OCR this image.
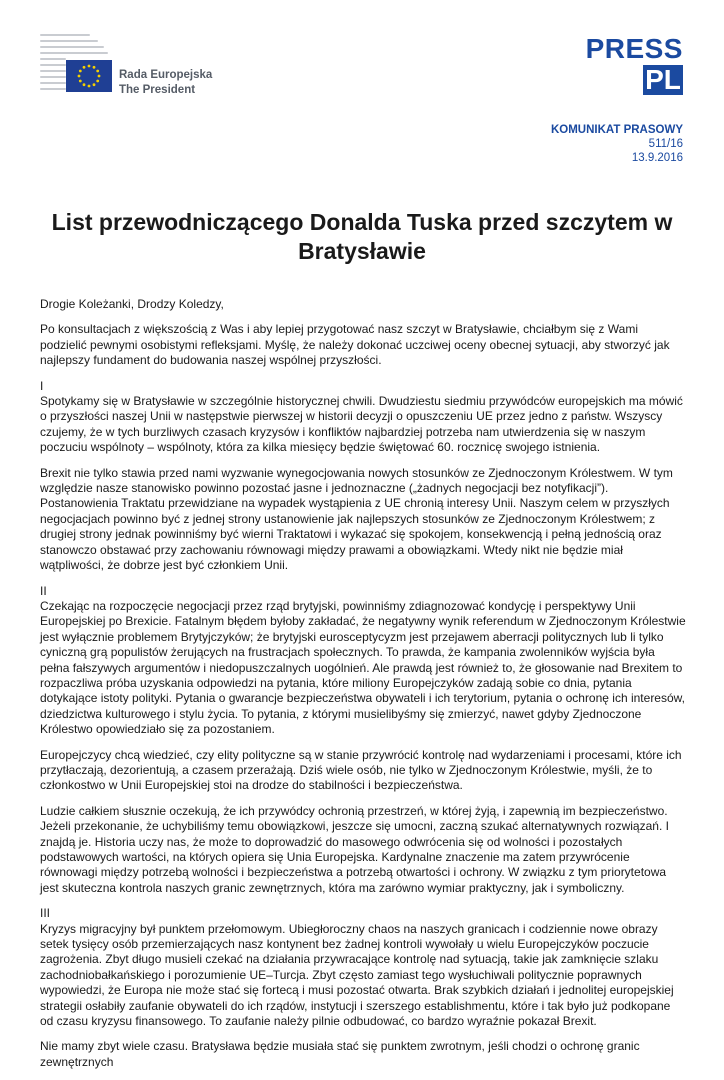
Rada Europejska
The President
PRESS
PL
KOMUNIKAT PRASOWY
511/16
13.9.2016
List przewodniczącego Donalda Tuska przed szczytem w Bratysławie

Drogie Koleżanki, Drodzy Koledzy,

Po konsultacjach z większością z Was i aby lepiej przygotować nasz szczyt w Bratysławie, chciałbym się z Wami podzielić pewnymi osobistymi refleksjami. Myślę, że należy dokonać uczciwej oceny obecnej sytuacji, aby stworzyć jak najlepszy fundament do budowania naszej wspólnej przyszłości.

I

Spotykamy się w Bratysławie w szczególnie historycznej chwili. Dwudziestu siedmiu przywódców europejskich ma mówić o przyszłości naszej Unii w następstwie pierwszej w historii decyzji o opuszczeniu UE przez jedno z państw. Wszyscy czujemy, że w tych burzliwych czasach kryzysów i konfliktów najbardziej potrzeba nam utwierdzenia się w naszym poczuciu wspólnoty – wspólnoty, która za kilka miesięcy będzie świętować 60. rocznicę swojego istnienia.

Brexit nie tylko stawia przed nami wyzwanie wynegocjowania nowych stosunków ze Zjednoczonym Królestwem. W tym względzie nasze stanowisko powinno pozostać jasne i jednoznaczne („żadnych negocjacji bez notyfikacji”). Postanowienia Traktatu przewidziane na wypadek wystąpienia z UE chronią interesy Unii. Naszym celem w przyszłych negocjacjach powinno być z jednej strony ustanowienie jak najlepszych stosunków ze Zjednoczonym Królestwem; z drugiej strony jednak powinniśmy być wierni Traktatowi i wykazać się spokojem, konsekwencją i pełną jednością oraz stanowczo obstawać przy zachowaniu równowagi między prawami a obowiązkami. Wtedy nikt nie będzie miał wątpliwości, że dobrze jest być członkiem Unii.

II

Czekając na rozpoczęcie negocjacji przez rząd brytyjski, powinniśmy zdiagnozować kondycję i perspektywy Unii Europejskiej po Brexicie. Fatalnym błędem byłoby zakładać, że negatywny wynik referendum w Zjednoczonym Królestwie jest wyłącznie problemem Brytyjczyków; że brytyjski eurosceptycyzm jest przejawem aberracji politycznych lub li tylko cyniczną grą populistów żerujących na frustracjach społecznych. To prawda, że kampania zwolenników wyjścia była pełna fałszywych argumentów i niedopuszczalnych uogólnień. Ale prawdą jest również to, że głosowanie nad Brexitem to rozpaczliwa próba uzyskania odpowiedzi na pytania, które miliony Europejczyków zadają sobie co dnia, pytania dotykające istoty polityki. Pytania o gwarancje bezpieczeństwa obywateli i ich terytorium, pytania o ochronę ich interesów, dziedzictwa kulturowego i stylu życia. To pytania, z którymi musielibyśmy się zmierzyć, nawet gdyby Zjednoczone Królestwo opowiedziało się za pozostaniem.

Europejczycy chcą wiedzieć, czy elity polityczne są w stanie przywrócić kontrolę nad wydarzeniami i procesami, które ich przytłaczają, dezorientują, a czasem przerażają. Dziś wiele osób, nie tylko w Zjednoczonym Królestwie, myśli, że to członkostwo w Unii Europejskiej stoi na drodze do stabilności i bezpieczeństwa.

Ludzie całkiem słusznie oczekują, że ich przywódcy ochronią przestrzeń, w której żyją, i zapewnią im bezpieczeństwo. Jeżeli przekonanie, że uchybiliśmy temu obowiązkowi, jeszcze się umocni, zaczną szukać alternatywnych rozwiązań. I znajdą je. Historia uczy nas, że może to doprowadzić do masowego odwrócenia się od wolności i pozostałych podstawowych wartości, na których opiera się Unia Europejska. Kardynalne znaczenie ma zatem przywrócenie równowagi między potrzebą wolności i bezpieczeństwa a potrzebą otwartości i ochrony. W związku z tym priorytetowa jest skuteczna kontrola naszych granic zewnętrznych, która ma zarówno wymiar praktyczny, jak i symboliczny.

III

Kryzys migracyjny był punktem przełomowym. Ubiegłoroczny chaos na naszych granicach i codziennie nowe obrazy setek tysięcy osób przemierzających nasz kontynent bez żadnej kontroli wywołały u wielu Europejczyków poczucie zagrożenia. Zbyt długo musieli czekać na działania przywracające kontrolę nad sytuacją, takie jak zamknięcie szlaku zachodniobałkańskiego i porozumienie UE–Turcja. Zbyt często zamiast tego wysłuchiwali politycznie poprawnych wypowiedzi, że Europa nie może stać się fortecą i musi pozostać otwarta. Brak szybkich działań i jednolitej europejskiej strategii osłabiły zaufanie obywateli do ich rządów, instytucji i szerszego establishmentu, które i tak było już podkopane od czasu kryzysu finansowego. To zaufanie należy pilnie odbudować, co bardzo wyraźnie pokazał Brexit.

Nie mamy zbyt wiele czasu. Bratysława będzie musiała stać się punktem zwrotnym, jeśli chodzi o ochronę granic zewnętrznych
